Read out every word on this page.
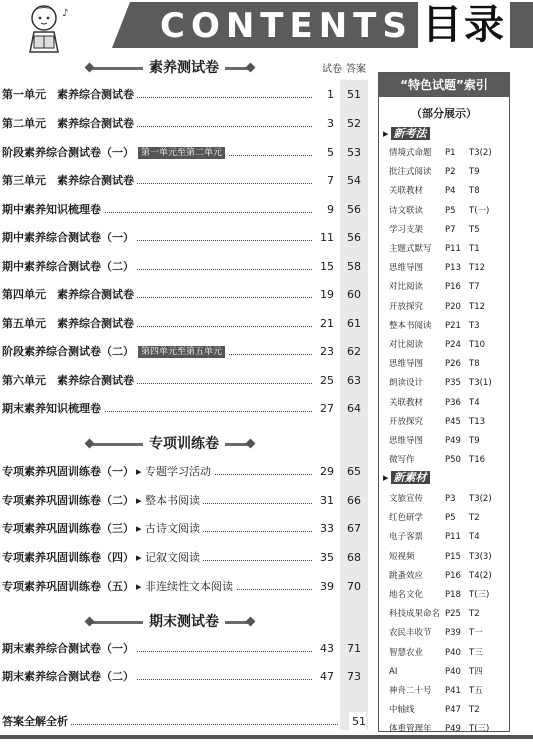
♪	CONTENTS 目录
素养测试卷	试卷 答案
专项训练卷
期末测试卷
第一单元　素养综合测试卷	1	51
第二单元　素养综合测试卷	3	52
阶段素养综合测试卷（一） 第一单元至第二单元	5	53
第三单元　素养综合测试卷	7	54
期中素养知识梳理卷	9	56
期中素养综合测试卷（一）	11	56
期中素养综合测试卷（二）	15	58
第四单元　素养综合测试卷	19	60
第五单元　素养综合测试卷	21	61
阶段素养综合测试卷（二） 第四单元至第五单元	23	62
第六单元　素养综合测试卷	25	63
期末素养知识梳理卷	27	64
专项素养巩固训练卷（一） ▸ 专题学习活动	29	65
专项素养巩固训练卷（二） ▸ 整本书阅读	31	66
专项素养巩固训练卷（三） ▸ 古诗文阅读	33	67
专项素养巩固训练卷（四） ▸ 记叙文阅读	35	68
专项素养巩固训练卷（五） ▸ 非连续性文本阅读	39	70
期末素养综合测试卷（一）	43	71
期末素养综合测试卷（二）	47	73
答案全解全析	51
“特色试题”索引
（部分展示）
▸ 新考法
情境式命题 P1 T3(2)
批注式阅读 P2 T9
关联教材	P4 T8
诗文联读	P5 T(一)
学习支架	P7 T5
主题式默写 P11 T1
思维导图	P13 T12
对比阅读	P16 T7
开放探究	P20 T12
整本书阅读 P21 T3
对比阅读	P24 T10
思维导图	P26 T8
朗读设计	P35 T3(1)
关联教材	P36 T4
开放探究	P45 T13
思维导图	P49 T9
微写作	P50 T16
▸ 新素材
文旅宣传	P3 T3(2)
红色研学	P5 T2
电子客票	P11 T4
短视频	P15 T3(3)
跳蚤效应	P16 T4(2)
地名文化	P18 T(三)
科技成果命名 P25 T2
农民丰收节 P39 T一
智慧农业	P40 T三
AI	P40 T四
神舟二十号 P41 T五
中轴线	P47 T2
体重管理年 P49 T(三)
